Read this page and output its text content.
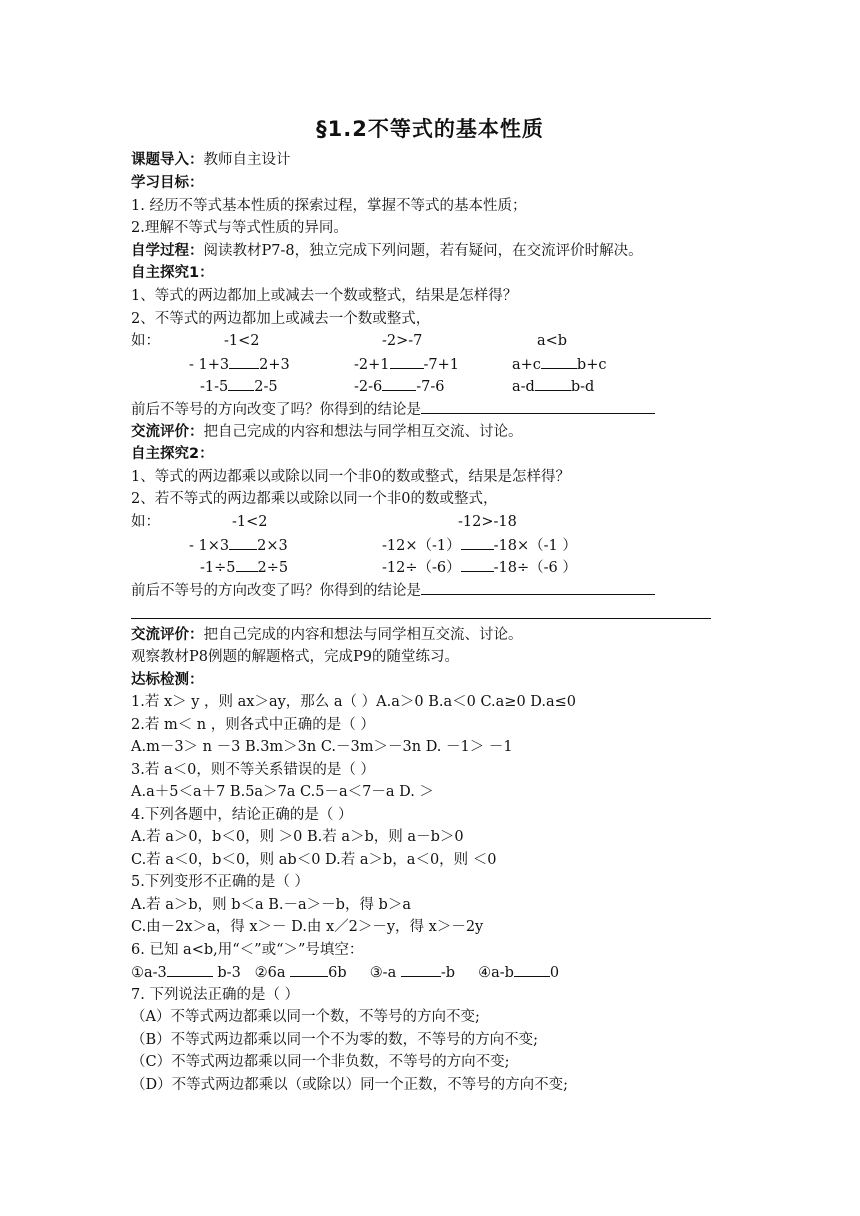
§1.2不等式的基本性质
课题导入：教师自主设计
学习目标：
1. 经历不等式基本性质的探索过程，掌握不等式的基本性质；
2.理解不等式与等式性质的异同。
自学过程：阅读教材P7-8，独立完成下列问题，若有疑问，在交流评价时解决。
自主探究1：
1、等式的两边都加上或减去一个数或整式，结果是怎样得？
2、不等式的两边都加上或减去一个数或整式，
如：	-1<2	-2>-7	a<b
- 1+3 2+3	-2+1 -7+1	a+c b+c
-1-5 2-5	-2-6 -7-6	a-d b-d
前后不等号的方向改变了吗？你得到的结论是
交流评价：把自己完成的内容和想法与同学相互交流、讨论。
自主探究2：
1、等式的两边都乘以或除以同一个非0的数或整式，结果是怎样得？
2、若不等式的两边都乘以或除以同一个非0的数或整式，
如：	-1<2	-12>-18
- 1×3 2×3	-12×（-1） -18×（-1 ）
-1÷5 2÷5	-12÷（-6） -18÷（-6 ）
前后不等号的方向改变了吗？你得到的结论是
交流评价：把自己完成的内容和想法与同学相互交流、讨论。
观察教材P8例题的解题格式，完成P9的随堂练习。
达标检测：
1.若 x＞ y ，则 ax＞ay，那么 a（ ）A.a＞0 B.a＜0 C.a≥0 D.a≤0
2.若 m＜ n ，则各式中正确的是（ ）
A.m－3＞ n －3 B.3m＞3n C.－3m＞－3n D. －1＞ －1
3.若 a＜0，则不等关系错误的是（ ）
A.a＋5＜a＋7 B.5a＞7a C.5－a＜7－a D. ＞
4.下列各题中，结论正确的是（ ）
A.若 a＞0，b＜0，则 ＞0 B.若 a＞b，则 a－b＞0
C.若 a＜0，b＜0，则 ab＜0 D.若 a＞b，a＜0，则 ＜0
5.下列变形不正确的是（ ）
A.若 a＞b，则 b＜a B.－a＞－b，得 b＞a
C.由－2x＞a，得 x＞－ D.由 x／2＞－y，得 x＞－2y
6. 已知 a<b,用“＜”或“＞”号填空：
①a-3	b-3 ②6a	6b ③-a	-b ④a-b 0
7. 下列说法正确的是（ ）
（A）不等式两边都乘以同一个数，不等号的方向不变;
（B）不等式两边都乘以同一个不为零的数，不等号的方向不变;
（C）不等式两边都乘以同一个非负数，不等号的方向不变;
（D）不等式两边都乘以（或除以）同一个正数，不等号的方向不变;
